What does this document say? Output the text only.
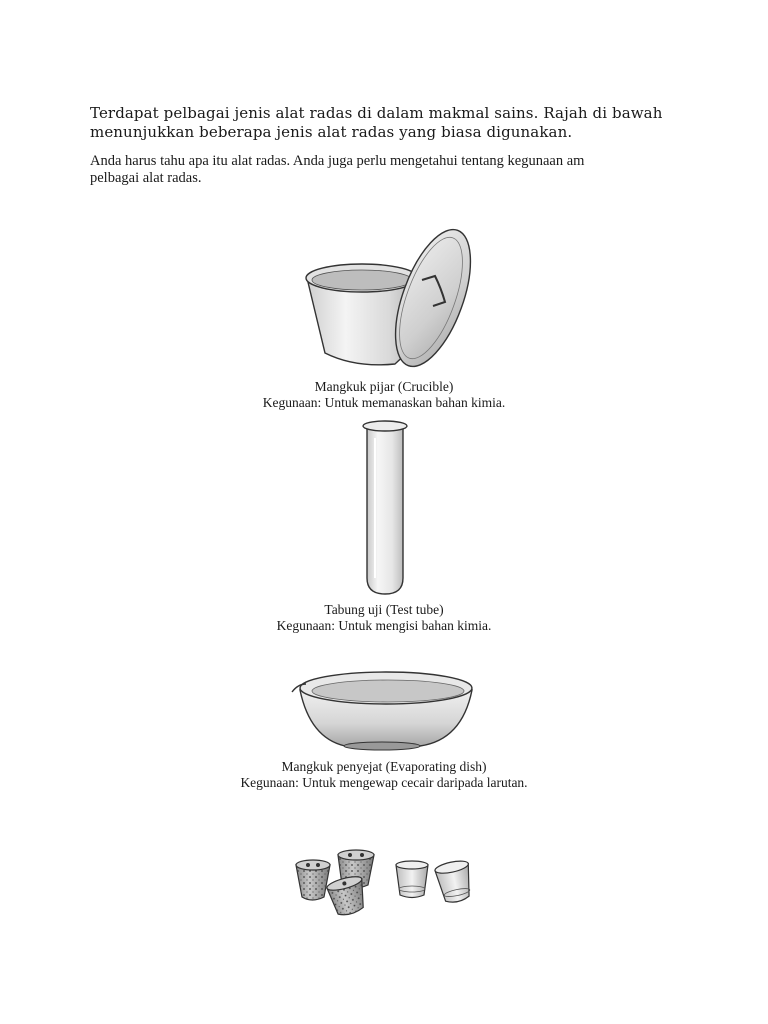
Terdapat pelbagai jenis alat radas di dalam makmal sains. Rajah di bawah
menunjukkan beberapa jenis alat radas yang biasa digunakan.
Anda harus tahu apa itu alat radas. Anda juga perlu mengetahui tentang kegunaan am
pelbagai alat radas.
Mangkuk pijar (Crucible)
Kegunaan: Untuk memanaskan bahan kimia.
Tabung uji (Test tube)
Kegunaan: Untuk mengisi bahan kimia.
Mangkuk penyejat (Evaporating dish)
Kegunaan: Untuk mengewap cecair daripada larutan.
